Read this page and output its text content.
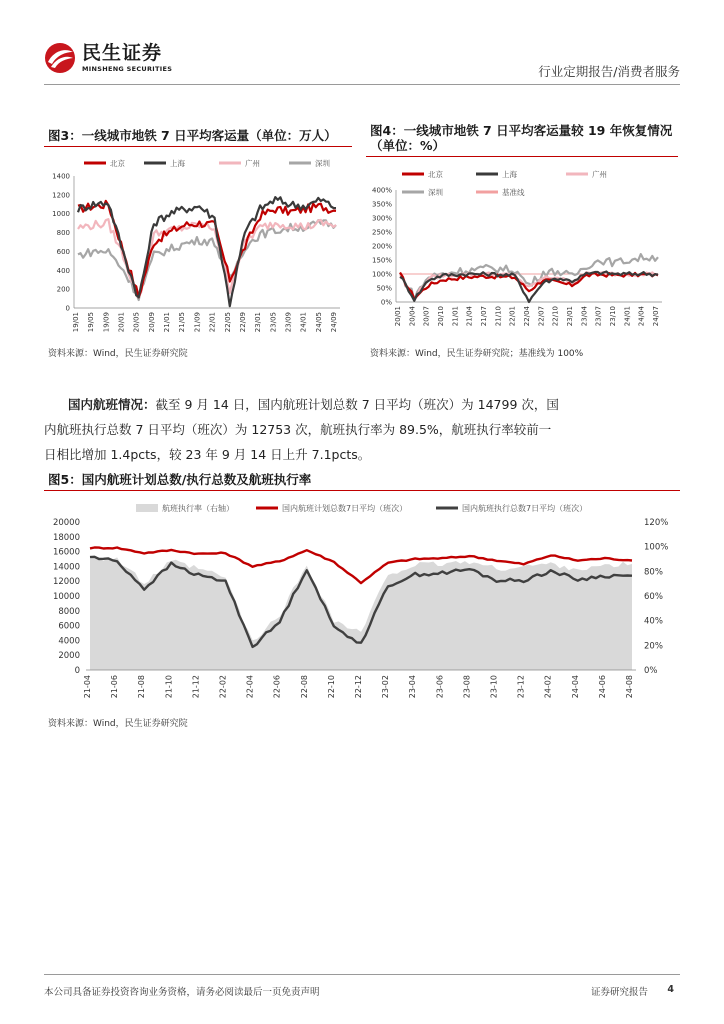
民生证券
MINSHENG SECURITIES	行业定期报告/消费者服务
图3：一线城市地铁 7 日平均客运量（单位：万人）
1400
1200
1000
800
600
400
200
0
19/01 19/05 19/09 20/01 20/05 20/09 21/01 21/05 21/09 22/01 22/05 22/09 23/01 23/05 23/09 24/01 24/05 24/09
北京	上海	广州	深圳
资料来源：Wind，民生证券研究院
图4：一线城市地铁 7 日平均客运量较 19 年恢复情况
（单位：%）
400%
350%
300%
250%
200%
150%
100%
50%
0%
20/01 20/04 20/07 20/10 21/01 21/04 21/07 21/10 22/01 22/04 22/07 22/10 23/01 23/04 23/07 23/10 24/01 24/04 24/07
北京	上海	广州
深圳	基准线
资料来源：Wind，民生证券研究院；基准线为 100%
国内航班情况：截至 9 月 14 日，国内航班计划总数 7 日平均（班次）为 14799 次，国
内航班执行总数 7 日平均（班次）为 12753 次，航班执行率为 89.5%，航班执行率较前一
日相比增加 1.4pcts，较 23 年 9 月 14 日上升 7.1pcts。
图5：国内航班计划总数/执行总数及航班执行率
20000
18000
16000
14000
12000
10000
8000
6000
4000
2000
0
120%
100%
80%
60%
40%
20%
0%
21-04 21-06 21-08 21-10 21-12 22-02 22-04 22-06 22-08 22-10 22-12 23-02 23-04 23-06 23-08 23-10 23-12 24-02 24-04 24-06 24-08
航班执行率（右轴）	国内航班计划总数7日平均（班次）	国内航班执行总数7日平均（班次）
资料来源：Wind，民生证券研究院
本公司具备证券投资咨询业务资格，请务必阅读最后一页免责声明	证券研究报告 4
